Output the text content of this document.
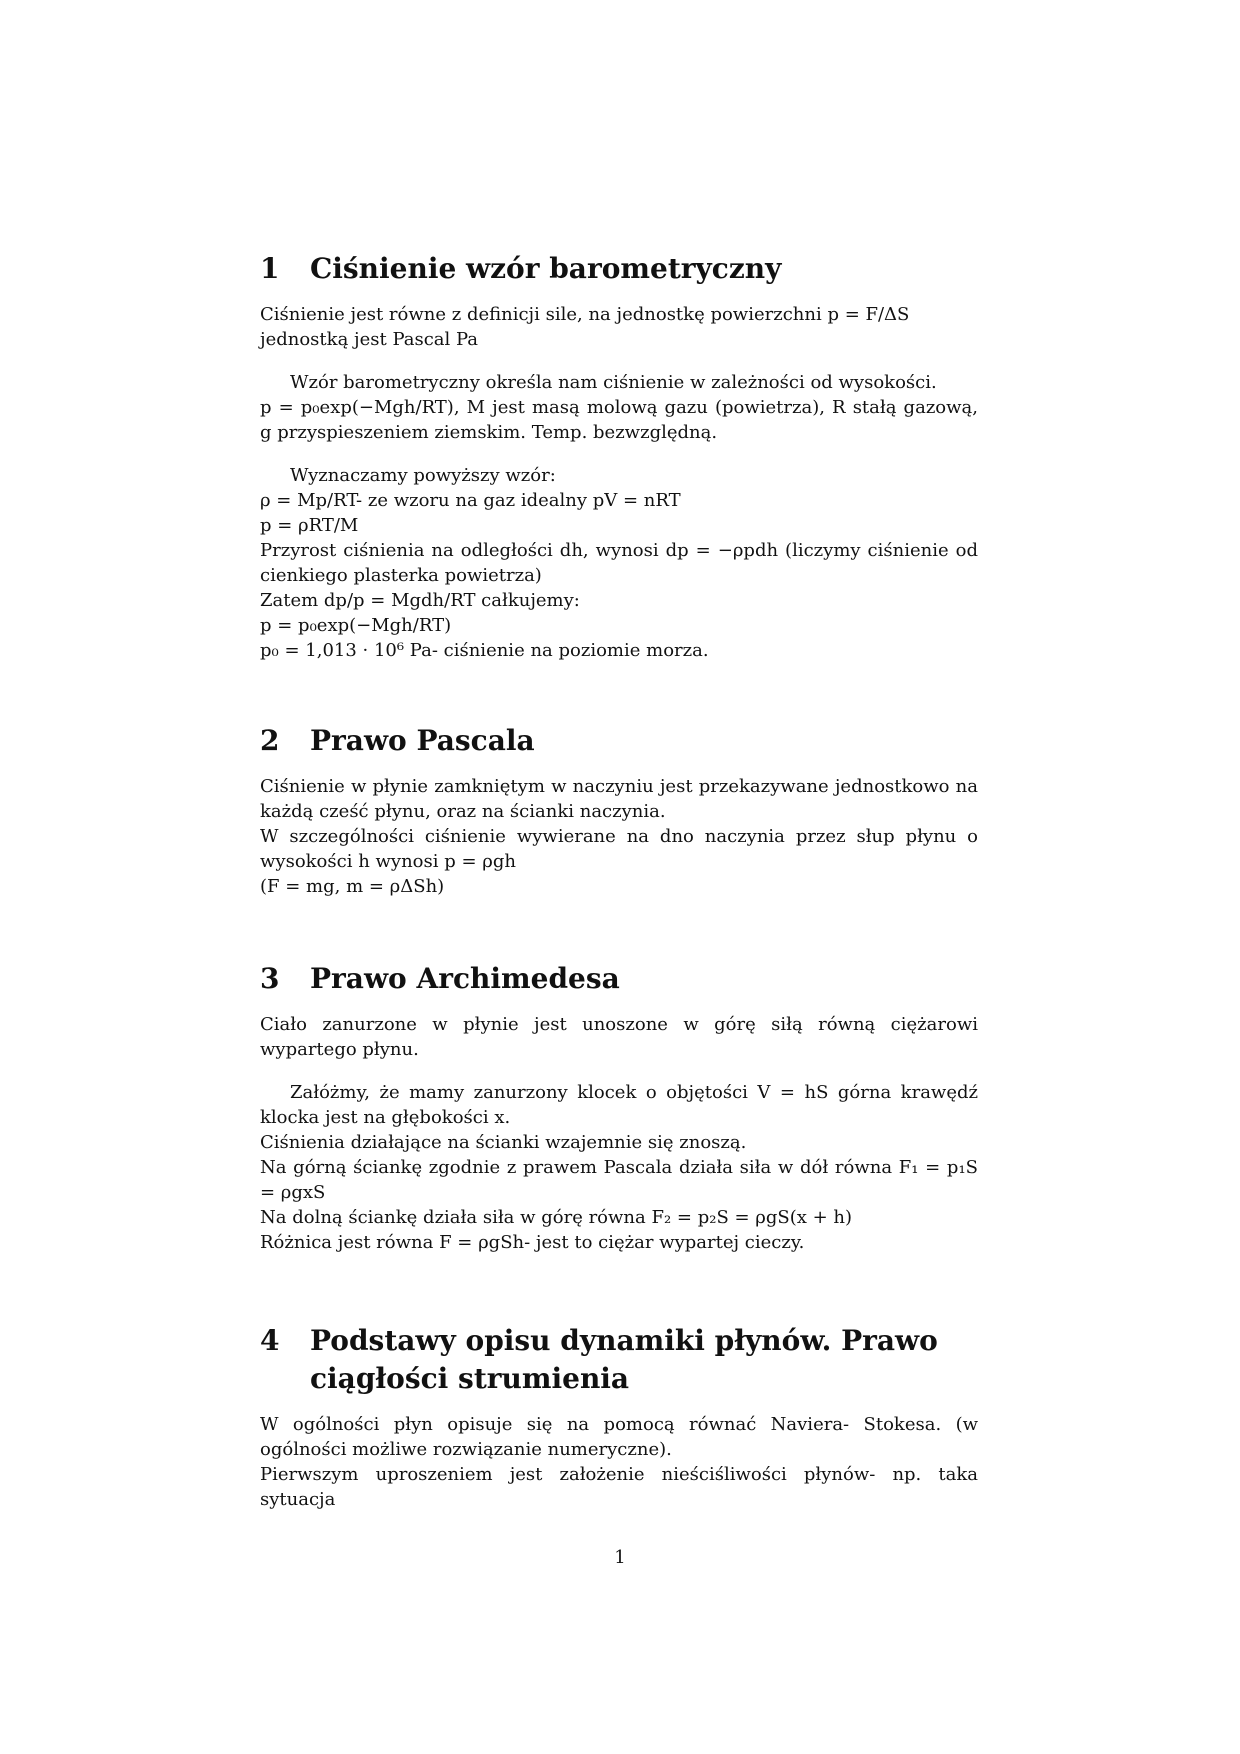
1	Ciśnienie wzór barometryczny

Ciśnienie jest równe z definicji sile, na jednostkę powierzchni p = F/ΔS

jednostką jest Pascal Pa

Wzór barometryczny określa nam ciśnienie w zależności od wysokości.

p = p₀exp(−Mgh/RT), M jest masą molową gazu (powietrza), R stałą gazową, g przyspieszeniem ziemskim. Temp. bezwzględną.

Wyznaczamy powyższy wzór:

ρ = Mp/RT- ze wzoru na gaz idealny pV = nRT

p = ρRT/M

Przyrost ciśnienia na odległości dh, wynosi dp = −ρpdh (liczymy ciśnienie od cienkiego plasterka powietrza)

Zatem dp/p = Mgdh/RT całkujemy:

p = p₀exp(−Mgh/RT)

p₀ = 1,013 · 10⁶ Pa- ciśnienie na poziomie morza.

2	Prawo Pascala

Ciśnienie w płynie zamkniętym w naczyniu jest przekazywane jednostkowo na każdą cześć płynu, oraz na ścianki naczynia.

W szczególności ciśnienie wywierane na dno naczynia przez słup płynu o wysokości h wynosi p = ρgh

(F = mg, m = ρΔSh)

3	Prawo Archimedesa

Ciało zanurzone w płynie jest unoszone w górę siłą równą ciężarowi wypartego płynu.

Załóżmy, że mamy zanurzony klocek o objętości V = hS górna krawędź klocka jest na głębokości x.

Ciśnienia działające na ścianki wzajemnie się znoszą.

Na górną ściankę zgodnie z prawem Pascala działa siła w dół równa F₁ = p₁S = ρgxS

Na dolną ściankę działa siła w górę równa F₂ = p₂S = ρgS(x + h)

Różnica jest równa F = ρgSh- jest to ciężar wypartej cieczy.

4	Podstawy opisu dynamiki płynów. Prawo ciągłości strumienia

W ogólności płyn opisuje się na pomocą równać Naviera- Stokesa. (w ogólności możliwe rozwiązanie numeryczne).

Pierwszym uproszeniem jest założenie nieściśliwości płynów- np. taka sytuacja

1
